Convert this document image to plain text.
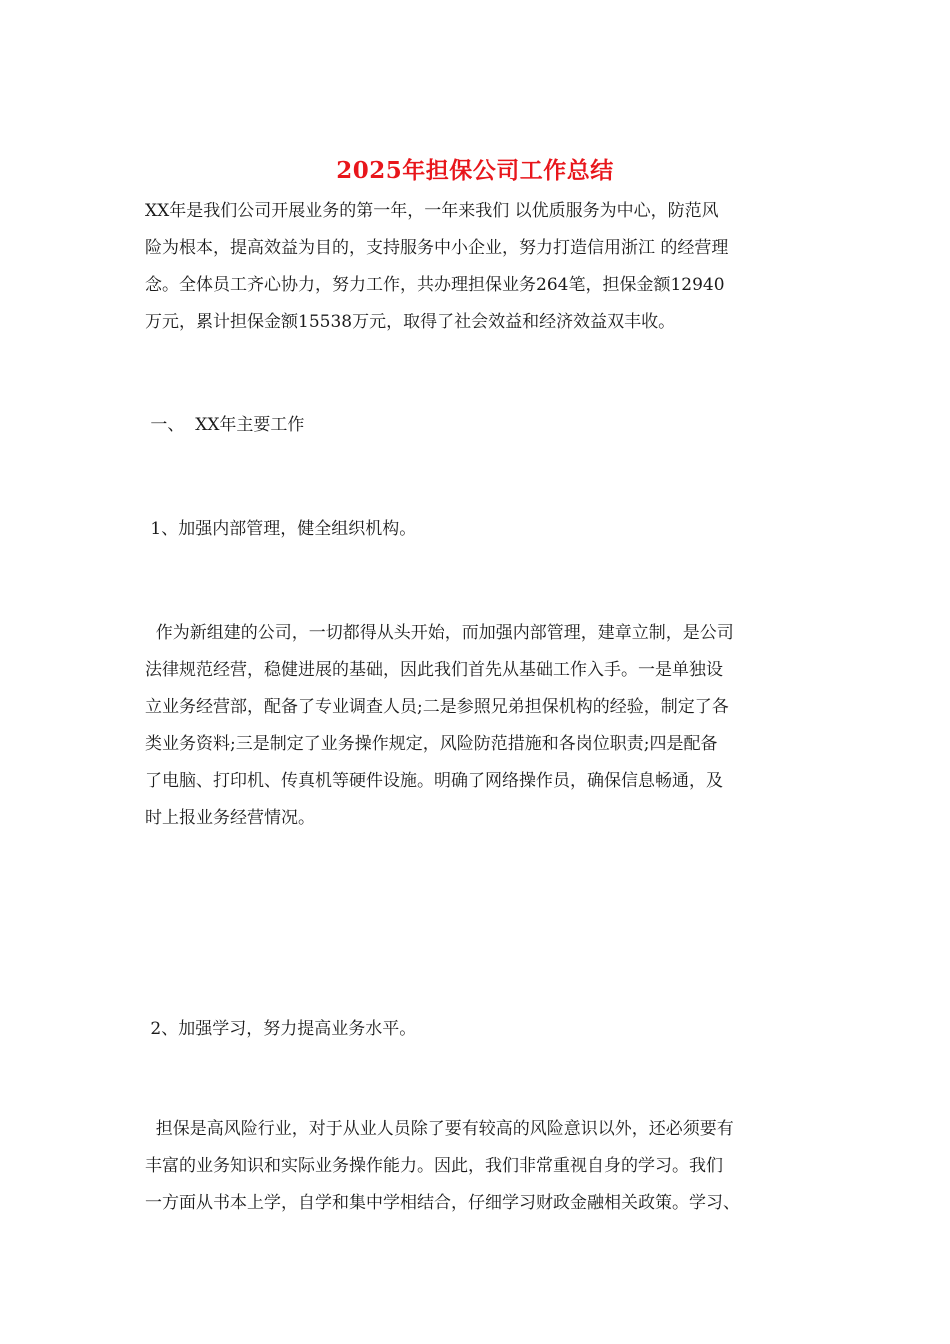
2025年担保公司工作总结
XX年是我们公司开展业务的第一年，一年来我们 以优质服务为中心，防范风
险为根本，提高效益为目的，支持服务中小企业，努力打造信用浙江 的经营理
念。全体员工齐心协力，努力工作，共办理担保业务264笔，担保金额12940
万元，累计担保金额15538万元，取得了社会效益和经济效益双丰收。
一、  XX年主要工作
1、加强内部管理，健全组织机构。
作为新组建的公司，一切都得从头开始，而加强内部管理，建章立制，是公司
法律规范经营，稳健进展的基础，因此我们首先从基础工作入手。一是单独设
立业务经营部，配备了专业调查人员;二是参照兄弟担保机构的经验，制定了各
类业务资料;三是制定了业务操作规定，风险防范措施和各岗位职责;四是配备
了电脑、打印机、传真机等硬件设施。明确了网络操作员，确保信息畅通，及
时上报业务经营情况。
2、加强学习，努力提高业务水平。
担保是高风险行业，对于从业人员除了要有较高的风险意识以外，还必须要有
丰富的业务知识和实际业务操作能力。因此，我们非常重视自身的学习。我们
一方面从书本上学，自学和集中学相结合，仔细学习财政金融相关政策。学习、
